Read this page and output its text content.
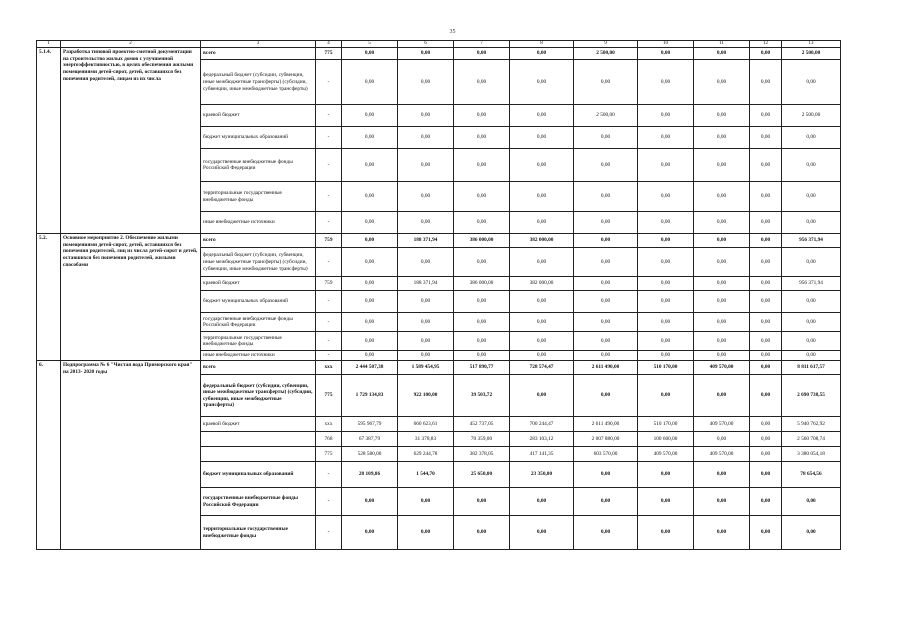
35
1	2	3	4	5	6	7	8	9	10	11	12	13
5.1.4.	Разработка типовой проектно-сметной документации на строительство жилых домов с улучшенной энергоэффективностью, в целях обеспечения жилыми помещениями детей-сирот, детей, оставшихся без попечения родителей, лицам из их числа	всего	775	0,00	0,00	0,00	0,00	2 500,00	0,00	0,00	0,00	2 500,00
		федеральный бюджет (субсидии, субвенции, иные межбюджетные трансферты) (субсидии, субвенции, иные межбюджетные трансферты)	-	0,00	0,00	0,00	0,00	0,00	0,00	0,00	0,00	0,00
		краевой бюджет	-	0,00	0,00	0,00	0,00	2 500,00	0,00	0,00	0,00	2 500,00
		бюджет муниципальных образований	-	0,00	0,00	0,00	0,00	0,00	0,00	0,00	0,00	0,00
		государственные внебюджетные фонды Российской Федерации	-	0,00	0,00	0,00	0,00	0,00	0,00	0,00	0,00	0,00
		территориальные государственные внебюджетные фонды	-	0,00	0,00	0,00	0,00	0,00	0,00	0,00	0,00	0,00
		иные внебюджетные источники	-	0,00	0,00	0,00	0,00	0,00	0,00	0,00	0,00	0,00
5.2.	Основное мероприятие 2. Обеспечение жилыми помещениями детей-сирот, детей, оставшихся без попечения родителей, лиц из числа детей-сирот и детей, оставшихся без попечения родителей, жилыми способами	всего	759	0,00	188 371,94	386 000,00	382 000,00	0,00	0,00	0,00	0,00	956 371,94
		федеральный бюджет (субсидии, субвенции, иные межбюджетные трансферты) (субсидии, субвенции, иные межбюджетные трансферты)	-	0,00	0,00	0,00	0,00	0,00	0,00	0,00	0,00	0,00
		краевой бюджет	759	0,00	188 371,94	386 000,00	382 000,00	0,00	0,00	0,00	0,00	956 371,94
		бюджет муниципальных образований	-	0,00	0,00	0,00	0,00	0,00	0,00	0,00	0,00	0,00
		государственные внебюджетные фонды Российской Федерации	-	0,00	0,00	0,00	0,00	0,00	0,00	0,00	0,00	0,00
		территориальные государственные внебюджетные фонды	-	0,00	0,00	0,00	0,00	0,00	0,00	0,00	0,00	0,00
		иные внебюджетные источники	-	0,00	0,00	0,00	0,00	0,00	0,00	0,00	0,00	0,00
6.	Подпрограмма № 6 "Чистая вода Приморского края" на 2013- 2020 годы	всего	ххх	2 444 507,38	1 589 454,95	517 890,77	728 574,47	2 611 490,00	510 170,00	409 570,00	0,00	8 811 617,57
		федеральный бюджет (субсидии, субвенции, иные межбюджетные трансферты) (субсидии, субвенции, иные межбюджетные трансферты)	775	1 729 134,83	922 100,00	39 503,72	0,00	0,00	0,00	0,00	0,00	2 690 738,55
		краевой бюджет	ххх	595 967,79	660 623,61	452 737,05	700 244,47	2 611 490,00	510 170,00	409 570,00	0,00	5 940 762,92
			768	67 387,79	31 378,83	70 359,00	283 103,12	2 007 880,00	100 600,00	0,00	0,00	2 560 708,74
			775	528 580,00	629 244,78	382 378,05	417 141,35	603 570,00	409 570,00	409 570,00	0,00	3 380 054,18
		бюджет муниципальных образований	-	28 109,86	1 544,70	25 650,00	23 350,00	0,00	0,00	0,00	0,00	78 654,56
		государственные внебюджетные фонды Российской Федерации	-	0,00	0,00	0,00	0,00	0,00	0,00	0,00	0,00	0,00
		территориальные государственные внебюджетные фонды	-	0,00	0,00	0,00	0,00	0,00	0,00	0,00	0,00	0,00
